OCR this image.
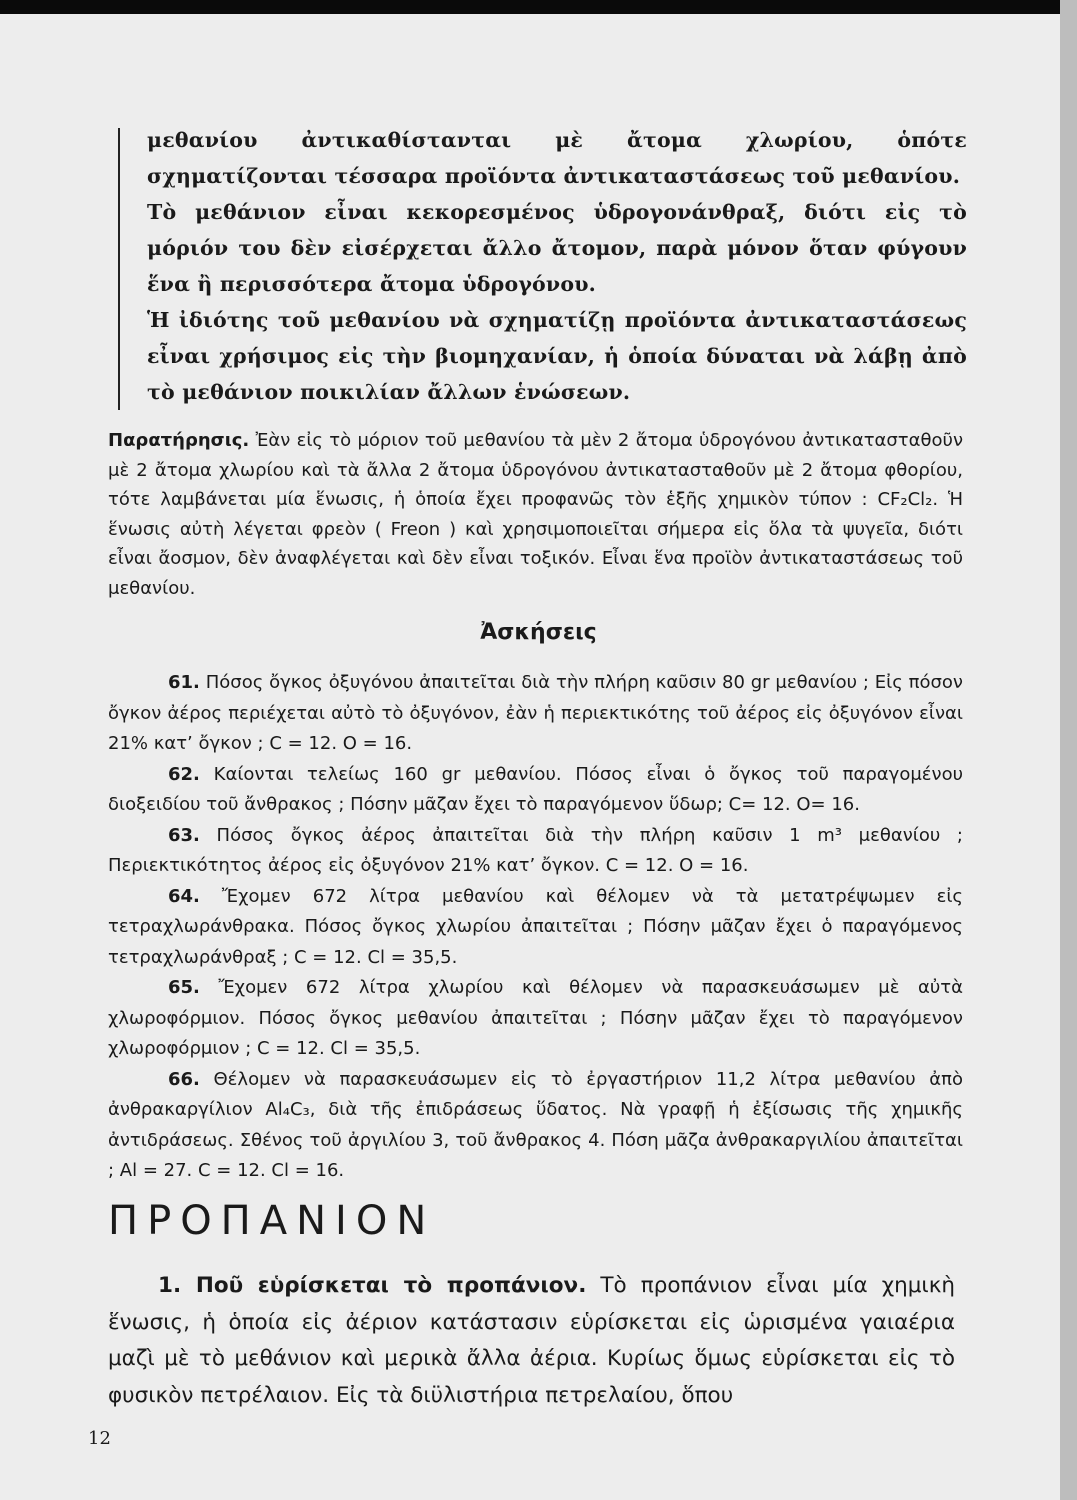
μεθανίου ἀντικαθίστανται μὲ ἄτομα χλωρίου, ὁπότε σχηματίζονται τέσσαρα προϊόντα ἀντικαταστάσεως τοῦ μεθανίου.

Τὸ μεθάνιον εἶναι κεκορεσμένος ὑδρογονάνθραξ, διότι εἰς τὸ μόριόν του δὲν εἰσέρχεται ἄλλο ἄτομον, παρὰ μόνον ὅταν φύγουν ἕνα ἢ περισσότερα ἄτομα ὑδρογόνου.

Ἡ ἰδιότης τοῦ μεθανίου νὰ σχηματίζῃ προϊόντα ἀντικαταστάσεως εἶναι χρήσιμος εἰς τὴν βιομηχανίαν, ἡ ὁποία δύναται νὰ λάβῃ ἀπὸ τὸ μεθάνιον ποικιλίαν ἄλλων ἑνώσεων.

Παρατήρησις. Ἐὰν εἰς τὸ μόριον τοῦ μεθανίου τὰ μὲν 2 ἄτομα ὑδρογόνου ἀντικατασταθοῦν μὲ 2 ἄτομα χλωρίου καὶ τὰ ἄλλα 2 ἄτομα ὑδρογόνου ἀντικατασταθοῦν μὲ 2 ἄτομα φθορίου, τότε λαμβάνεται μία ἕνωσις, ἡ ὁποία ἔχει προφανῶς τὸν ἑξῆς χημικὸν τύπον : CF₂Cl₂. Ἡ ἕνωσις αὐτὴ λέγεται φρεὸν ( Freon ) καὶ χρησιμοποιεῖται σήμερα εἰς ὅλα τὰ ψυγεῖα, διότι εἶναι ἄοσμον, δὲν ἀναφλέγεται καὶ δὲν εἶναι τοξικόν. Εἶναι ἕνα προϊὸν ἀντικαταστάσεως τοῦ μεθανίου.
Ἀσκήσεις

61. Πόσος ὄγκος ὀξυγόνου ἀπαιτεῖται διὰ τὴν πλήρη καῦσιν 80 gr μεθανίου ; Εἰς πόσον ὄγκον ἀέρος περιέχεται αὐτὸ τὸ ὀξυγόνον, ἐὰν ἡ περιεκτικότης τοῦ ἀέρος εἰς ὀξυγόνον εἶναι 21% κατ’ ὄγκον ; C = 12. O = 16.

62. Καίονται τελείως 160 gr μεθανίου. Πόσος εἶναι ὁ ὄγκος τοῦ παραγομένου διοξειδίου τοῦ ἄνθρακος ; Πόσην μᾶζαν ἔχει τὸ παραγόμενον ὕδωρ; C= 12. O= 16.

63. Πόσος ὄγκος ἀέρος ἀπαιτεῖται διὰ τὴν πλήρη καῦσιν 1 m³ μεθανίου ; Περιεκτικότητος ἀέρος εἰς ὀξυγόνον 21% κατ’ ὄγκον. C = 12. O = 16.

64. Ἔχομεν 672 λίτρα μεθανίου καὶ θέλομεν νὰ τὰ μετατρέψωμεν εἰς τετραχλωράνθρακα. Πόσος ὄγκος χλωρίου ἀπαιτεῖται ; Πόσην μᾶζαν ἔχει ὁ παραγόμενος τετραχλωράνθραξ ; C = 12. Cl = 35,5.

65. Ἔχομεν 672 λίτρα χλωρίου καὶ θέλομεν νὰ παρασκευάσωμεν μὲ αὐτὰ χλωροφόρμιον. Πόσος ὄγκος μεθανίου ἀπαιτεῖται ; Πόσην μᾶζαν ἔχει τὸ παραγόμενον χλωροφόρμιον ; C = 12. Cl = 35,5.

66. Θέλομεν νὰ παρασκευάσωμεν εἰς τὸ ἐργαστήριον 11,2 λίτρα μεθανίου ἀπὸ ἀνθρακαργίλιον Al₄C₃, διὰ τῆς ἐπιδράσεως ὕδατος. Νὰ γραφῇ ἡ ἐξίσωσις τῆς χημικῆς ἀντιδράσεως. Σθένος τοῦ ἀργιλίου 3, τοῦ ἄνθρακος 4. Πόση μᾶζα ἀνθρακαργιλίου ἀπαιτεῖται ; Al = 27. C = 12. Cl = 16.

ΠΡΟΠΑΝΙΟΝ
1. Ποῦ εὑρίσκεται τὸ προπάνιον. Τὸ προπάνιον εἶναι μία χημικὴ ἕνωσις, ἡ ὁποία εἰς ἀέριον κατάστασιν εὑρίσκεται εἰς ὡρισμένα γαιαέρια μαζὶ μὲ τὸ μεθάνιον καὶ μερικὰ ἄλλα ἀέρια. Κυρίως ὅμως εὑρίσκεται εἰς τὸ φυσικὸν πετρέλαιον. Εἰς τὰ διϋλιστήρια πετρελαίου, ὅπου
12
